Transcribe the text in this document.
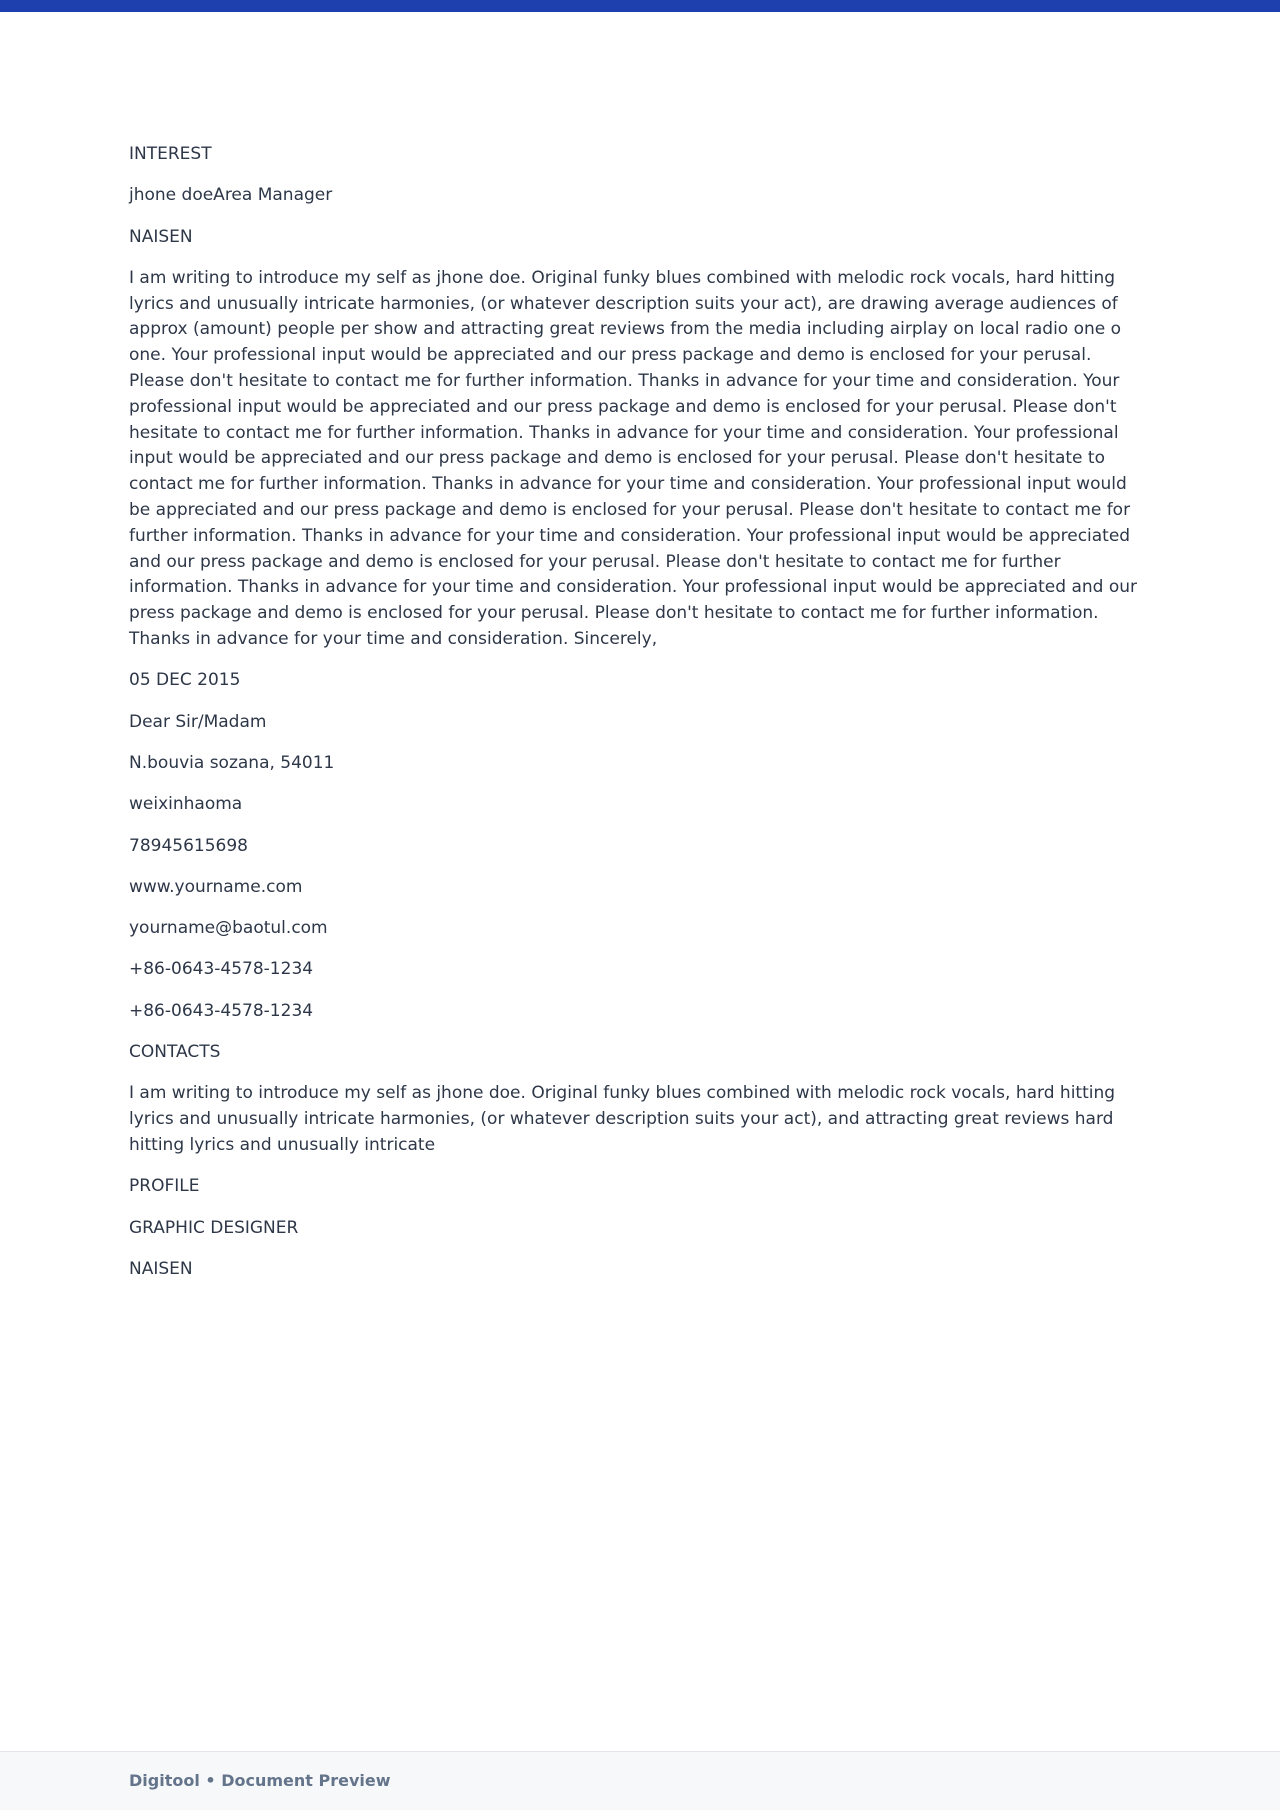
INTEREST

jhone doeArea Manager

NAISEN

I am writing to introduce my self as jhone doe. Original funky blues combined with melodic rock vocals, hard hitting lyrics and unusually intricate harmonies, (or whatever description suits your act), are drawing average audiences of approx (amount) people per show and attracting great reviews from the media including airplay on local radio one o one. Your professional input would be appreciated and our press package and demo is enclosed for your perusal. Please don't hesitate to contact me for further information. Thanks in advance for your time and consideration. Your professional input would be appreciated and our press package and demo is enclosed for your perusal. Please don't hesitate to contact me for further information. Thanks in advance for your time and consideration. Your professional input would be appreciated and our press package and demo is enclosed for your perusal. Please don't hesitate to contact me for further information. Thanks in advance for your time and consideration. Your professional input would be appreciated and our press package and demo is enclosed for your perusal. Please don't hesitate to contact me for further information. Thanks in advance for your time and consideration. Your professional input would be appreciated and our press package and demo is enclosed for your perusal. Please don't hesitate to contact me for further information. Thanks in advance for your time and consideration. Your professional input would be appreciated and our press package and demo is enclosed for your perusal. Please don't hesitate to contact me for further information. Thanks in advance for your time and consideration. Sincerely,

05 DEC 2015

Dear Sir/Madam

N.bouvia sozana, 54011

weixinhaoma

78945615698

www.yourname.com

yourname@baotul.com

+86-0643-4578-1234

+86-0643-4578-1234

CONTACTS

I am writing to introduce my self as jhone doe. Original funky blues combined with melodic rock vocals, hard hitting lyrics and unusually intricate harmonies, (or whatever description suits your act), and attracting great reviews hard hitting lyrics and unusually intricate

PROFILE

GRAPHIC DESIGNER

NAISEN

Digitool • Document Preview
